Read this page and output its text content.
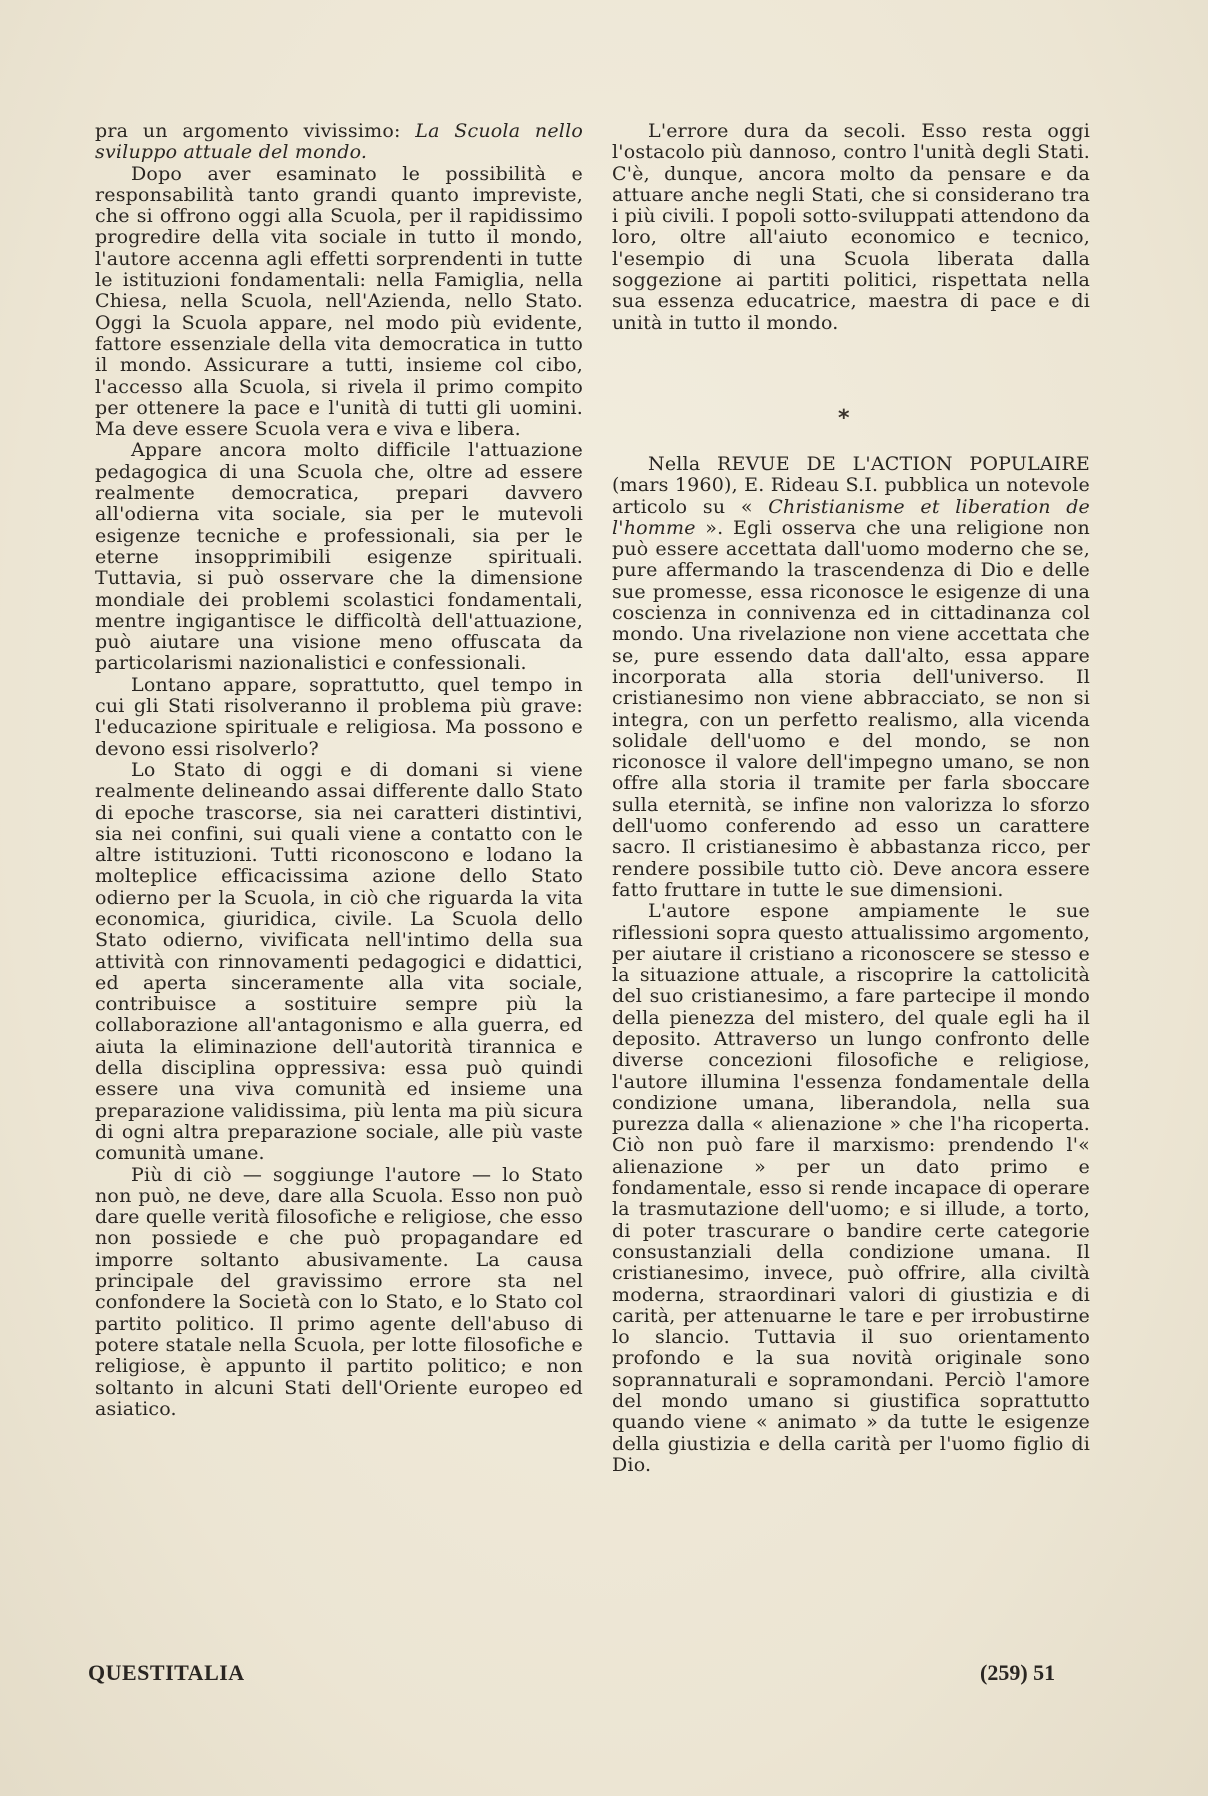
pra un argomento vivissimo: La Scuola nello sviluppo attuale del mondo.

Dopo aver esaminato le possibilità e responsabilità tanto grandi quanto impreviste, che si offrono oggi alla Scuola, per il rapidissimo progredire della vita sociale in tutto il mondo, l'autore accenna agli effetti sorprendenti in tutte le istituzioni fondamentali: nella Famiglia, nella Chiesa, nella Scuola, nell'Azienda, nello Stato. Oggi la Scuola appare, nel modo più evidente, fattore essenziale della vita democratica in tutto il mondo. Assicurare a tutti, insieme col cibo, l'accesso alla Scuola, si rivela il primo compito per ottenere la pace e l'unità di tutti gli uomini. Ma deve essere Scuola vera e viva e libera.

Appare ancora molto difficile l'attuazione pedagogica di una Scuola che, oltre ad essere realmente democratica, prepari davvero all'odierna vita sociale, sia per le mutevoli esigenze tecniche e professionali, sia per le eterne insopprimibili esigenze spirituali. Tuttavia, si può osservare che la dimensione mondiale dei problemi scolastici fondamentali, mentre ingigantisce le difficoltà dell'attuazione, può aiutare una visione meno offuscata da particolarismi nazionalistici e confessionali.

Lontano appare, soprattutto, quel tempo in cui gli Stati risolveranno il problema più grave: l'educazione spirituale e religiosa. Ma possono e devono essi risolverlo?

Lo Stato di oggi e di domani si viene realmente delineando assai differente dallo Stato di epoche trascorse, sia nei caratteri distintivi, sia nei confini, sui quali viene a contatto con le altre istituzioni. Tutti riconoscono e lodano la molteplice efficacissima azione dello Stato odierno per la Scuola, in ciò che riguarda la vita economica, giuridica, civile. La Scuola dello Stato odierno, vivificata nell'intimo della sua attività con rinnovamenti pedagogici e didattici, ed aperta sinceramente alla vita sociale, contribuisce a sostituire sempre più la collaborazione all'antagonismo e alla guerra, ed aiuta la eliminazione dell'autorità tirannica e della disciplina oppressiva: essa può quindi essere una viva comunità ed insieme una preparazione validissima, più lenta ma più sicura di ogni altra preparazione sociale, alle più vaste comunità umane.

Più di ciò — soggiunge l'autore — lo Stato non può, ne deve, dare alla Scuola. Esso non può dare quelle verità filosofiche e religiose, che esso non possiede e che può propagandare ed imporre soltanto abusivamente. La causa principale del gravissimo errore sta nel confondere la Società con lo Stato, e lo Stato col partito politico. Il primo agente dell'abuso di potere statale nella Scuola, per lotte filosofiche e religiose, è appunto il partito politico; e non soltanto in alcuni Stati dell'Oriente europeo ed asiatico.

L'errore dura da secoli. Esso resta oggi l'ostacolo più dannoso, contro l'unità degli Stati. C'è, dunque, ancora molto da pensare e da attuare anche negli Stati, che si considerano tra i più civili. I popoli sotto-sviluppati attendono da loro, oltre all'aiuto economico e tecnico, l'esempio di una Scuola liberata dalla soggezione ai partiti politici, rispettata nella sua essenza educatrice, maestra di pace e di unità in tutto il mondo.

Nella REVUE DE L'ACTION POPULAIRE (mars 1960), E. Rideau S.I. pubblica un notevole articolo su « Christianisme et liberation de l'homme ». Egli osserva che una religione non può essere accettata dall'uomo moderno che se, pure affermando la trascendenza di Dio e delle sue promesse, essa riconosce le esigenze di una coscienza in connivenza ed in cittadinanza col mondo. Una rivelazione non viene accettata che se, pure essendo data dall'alto, essa appare incorporata alla storia dell'universo. Il cristianesimo non viene abbracciato, se non si integra, con un perfetto realismo, alla vicenda solidale dell'uomo e del mondo, se non riconosce il valore dell'impegno umano, se non offre alla storia il tramite per farla sboccare sulla eternità, se infine non valorizza lo sforzo dell'uomo conferendo ad esso un carattere sacro. Il cristianesimo è abbastanza ricco, per rendere possibile tutto ciò. Deve ancora essere fatto fruttare in tutte le sue dimensioni.

L'autore espone ampiamente le sue riflessioni sopra questo attualissimo argomento, per aiutare il cristiano a riconoscere se stesso e la situazione attuale, a riscoprire la cattolicità del suo cristianesimo, a fare partecipe il mondo della pienezza del mistero, del quale egli ha il deposito. Attraverso un lungo confronto delle diverse concezioni filosofiche e religiose, l'autore illumina l'essenza fondamentale della condizione umana, liberandola, nella sua purezza dalla « alienazione » che l'ha ricoperta. Ciò non può fare il marxismo: prendendo l'« alienazione » per un dato primo e fondamentale, esso si rende incapace di operare la trasmutazione dell'uomo; e si illude, a torto, di poter trascurare o bandire certe categorie consustanziali della condizione umana. Il cristianesimo, invece, può offrire, alla civiltà moderna, straordinari valori di giustizia e di carità, per attenuarne le tare e per irrobustirne lo slancio. Tuttavia il suo orientamento profondo e la sua novità originale sono soprannaturali e sopramondani. Perciò l'amore del mondo umano si giustifica soprattutto quando viene « animato » da tutte le esigenze della giustizia e della carità per l'uomo figlio di Dio.

*
QUESTITALIA	(259) 51
